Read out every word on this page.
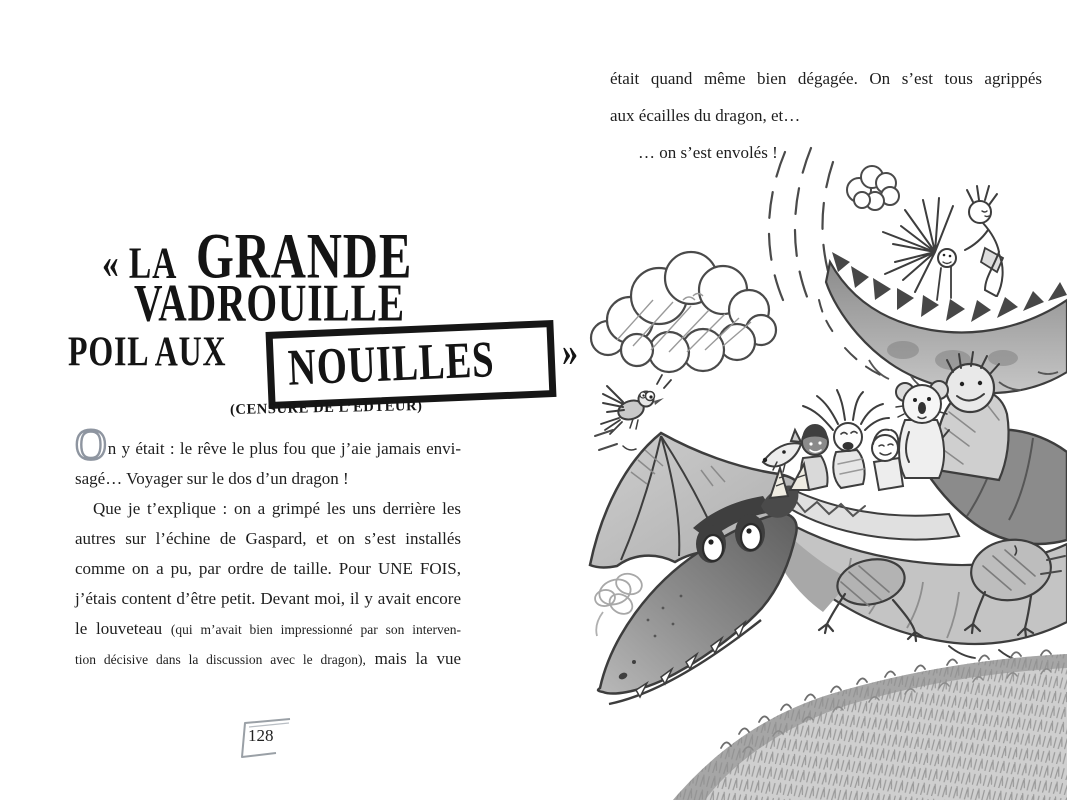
« LA GRANDE
VADROUILLE
POIL AUX NOUILLES »
(CENSURE DE L’ÉDTEUR)
On y était : le rêve le plus fou que j’aie jamais envi-
sagé… Voyager sur le dos d’un dragon !
Que je t’explique : on a grimpé les uns derrière les
autres sur l’échine de Gaspard, et on s’est installés
comme on a pu, par ordre de taille. Pour UNE FOIS,
j’étais content d’être petit. Devant moi, il y avait encore
le louveteau (qui m’avait bien impressionné par son interven-
tion décisive dans la discussion avec le dragon), mais la vue
128
était quand même bien dégagée. On s’est tous agrippés
aux écailles du dragon, et…
… on s’est envolés !
